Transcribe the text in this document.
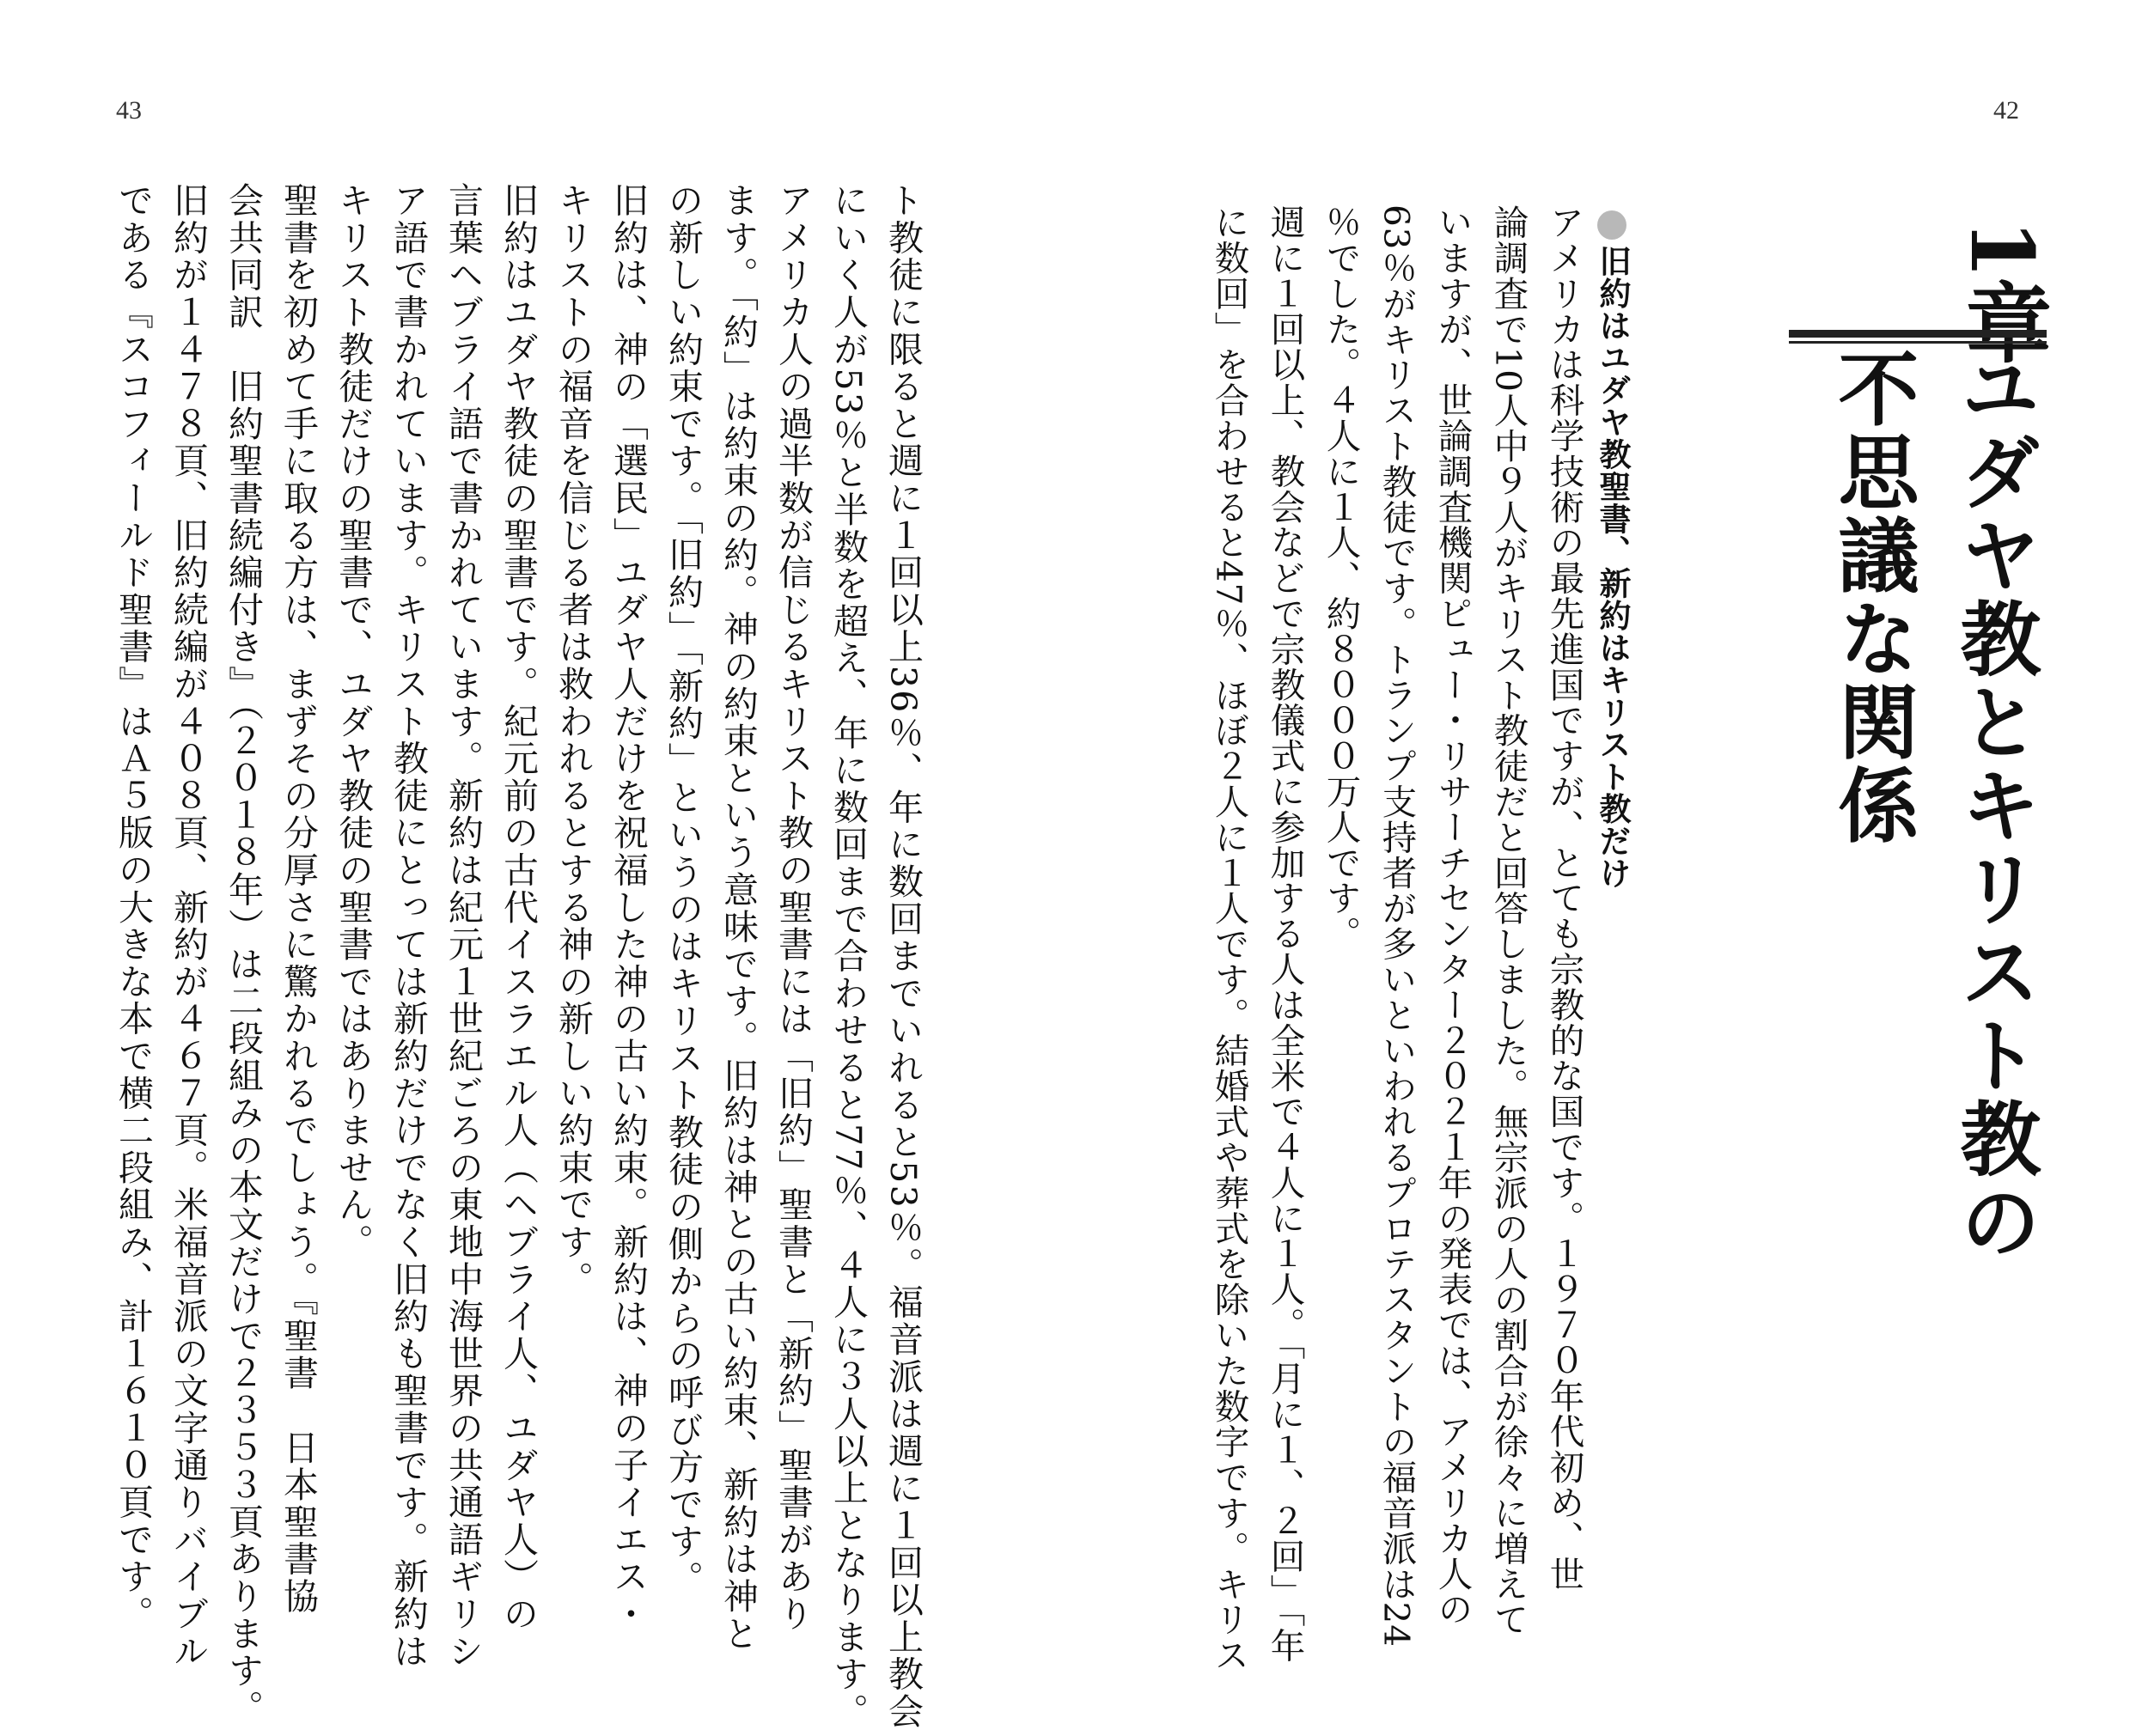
43	42
1章
ユダヤ教とキリスト教の
不思議な関係
旧約はユダヤ教聖書、新約はキリスト教だけ
アメリカは科学技術の最先進国ですが、とても宗教的な国です。１９７０年代初め、世
論調査で10人中９人がキリスト教徒だと回答しました。無宗派の人の割合が徐々に増えて
いますが、世論調査機関ピュー・リサーチセンター２０２１年の発表では、アメリカ人の
63％がキリスト教徒です。トランプ支持者が多いといわれるプロテスタントの福音派は24
％でした。４人に１人、約８０００万人です。
週に１回以上、教会などで宗教儀式に参加する人は全米で４人に１人。「月に１、２回」「年
に数回」を合わせると47％、ほぼ２人に１人です。結婚式や葬式を除いた数字です。キリス
ト教徒に限ると週に１回以上36％、年に数回までいれると53％。福音派は週に１回以上教会
にいく人が53％と半数を超え、年に数回まで合わせると77％、４人に３人以上となります。
アメリカ人の過半数が信じるキリスト教の聖書には「旧約」聖書と「新約」聖書があり
ます。「約」は約束の約。神の約束という意味です。旧約は神との古い約束、新約は神と
の新しい約束です。「旧約」「新約」というのはキリスト教徒の側からの呼び方です。
旧約は、神の「選民」ユダヤ人だけを祝福した神の古い約束。新約は、神の子イエス・
キリストの福音を信じる者は救われるとする神の新しい約束です。
旧約はユダヤ教徒の聖書です。紀元前の古代イスラエル人（ヘブライ人、ユダヤ人）の
言葉ヘブライ語で書かれています。新約は紀元１世紀ごろの東地中海世界の共通語ギリシ
ア語で書かれています。キリスト教徒にとっては新約だけでなく旧約も聖書です。新約は
キリスト教徒だけの聖書で、ユダヤ教徒の聖書ではありません。
聖書を初めて手に取る方は、まずその分厚さに驚かれるでしょう。『聖書　日本聖書協
会共同訳　旧約聖書続編付き』（２０１８年）は二段組みの本文だけで２３５３頁あります。
旧約が１４７８頁、旧約続編が４０８頁、新約が４６７頁。米福音派の文字通りバイブル
である『スコフィールド聖書』はＡ５版の大きな本で横二段組み、計１６１０頁です。
